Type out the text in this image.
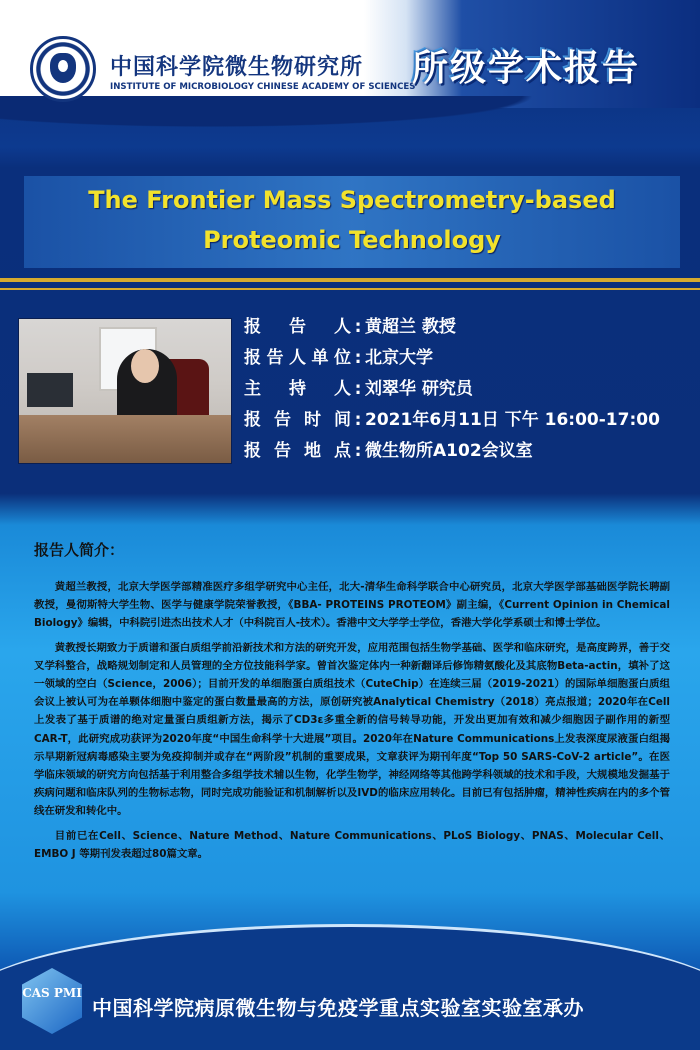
中国科学院微生物研究所
INSTITUTE OF MICROBIOLOGY CHINESE ACADEMY OF SCIENCES
所级学术报告
The Frontier Mass Spectrometry-based Proteomic Technology
报告人 : 黄超兰 教授
报告人单位 : 北京大学
主持人 : 刘翠华 研究员
报告时间 : 2021年6月11日 下午 16:00-17:00
报告地点 : 微生物所A102会议室
报告人简介：

黄超兰教授，北京大学医学部精准医疗多组学研究中心主任，北大-清华生命科学联合中心研究员，北京大学医学部基础医学院长聘副教授，曼彻斯特大学生物、医学与健康学院荣誉教授，《BBA- PROTEINS PROTEOM》副主编，《Current Opinion in Chemical Biology》编辑，中科院引进杰出技术人才（中科院百人-技术）。香港中文大学学士学位，香港大学化学系硕士和博士学位。

黄教授长期致力于质谱和蛋白质组学前沿新技术和方法的研究开发，应用范围包括生物学基础、医学和临床研究，是高度跨界，善于交叉学科整合，战略规划制定和人员管理的全方位技能科学家。曾首次鉴定体内一种新翻译后修饰精氨酸化及其底物Beta-actin，填补了这一领域的空白（Science，2006）；目前开发的单细胞蛋白质组技术（CuteChip）在连续三届（2019-2021）的国际单细胞蛋白质组会议上被认可为在单颗体细胞中鉴定的蛋白数量最高的方法，原创研究被Analytical Chemistry（2018）亮点报道；2020年在Cell上发表了基于质谱的绝对定量蛋白质组新方法，揭示了CD3ε多重全新的信号转导功能，开发出更加有效和减少细胞因子副作用的新型CAR-T，此研究成功获评为2020年度“中国生命科学十大进展”项目。2020年在Nature Communications上发表深度尿液蛋白组揭示早期新冠病毒感染主要为免疫抑制并或存在“两阶段”机制的重要成果，文章获评为期刊年度“Top 50 SARS-CoV-2 article”。在医学临床领域的研究方向包括基于利用整合多组学技术辅以生物，化学生物学，神经网络等其他跨学科领域的技术和手段，大规模地发掘基于疾病问题和临床队列的生物标志物，同时完成功能验证和机制解析以及IVD的临床应用转化。目前已有包括肿瘤，精神性疾病在内的多个管线在研发和转化中。

目前已在Cell、Science、Nature Method、Nature Communications、PLoS Biology、PNAS、Molecular Cell、EMBO J 等期刊发表超过80篇文章。

CAS PMI
中国科学院病原微生物与免疫学重点实验室实验室承办
